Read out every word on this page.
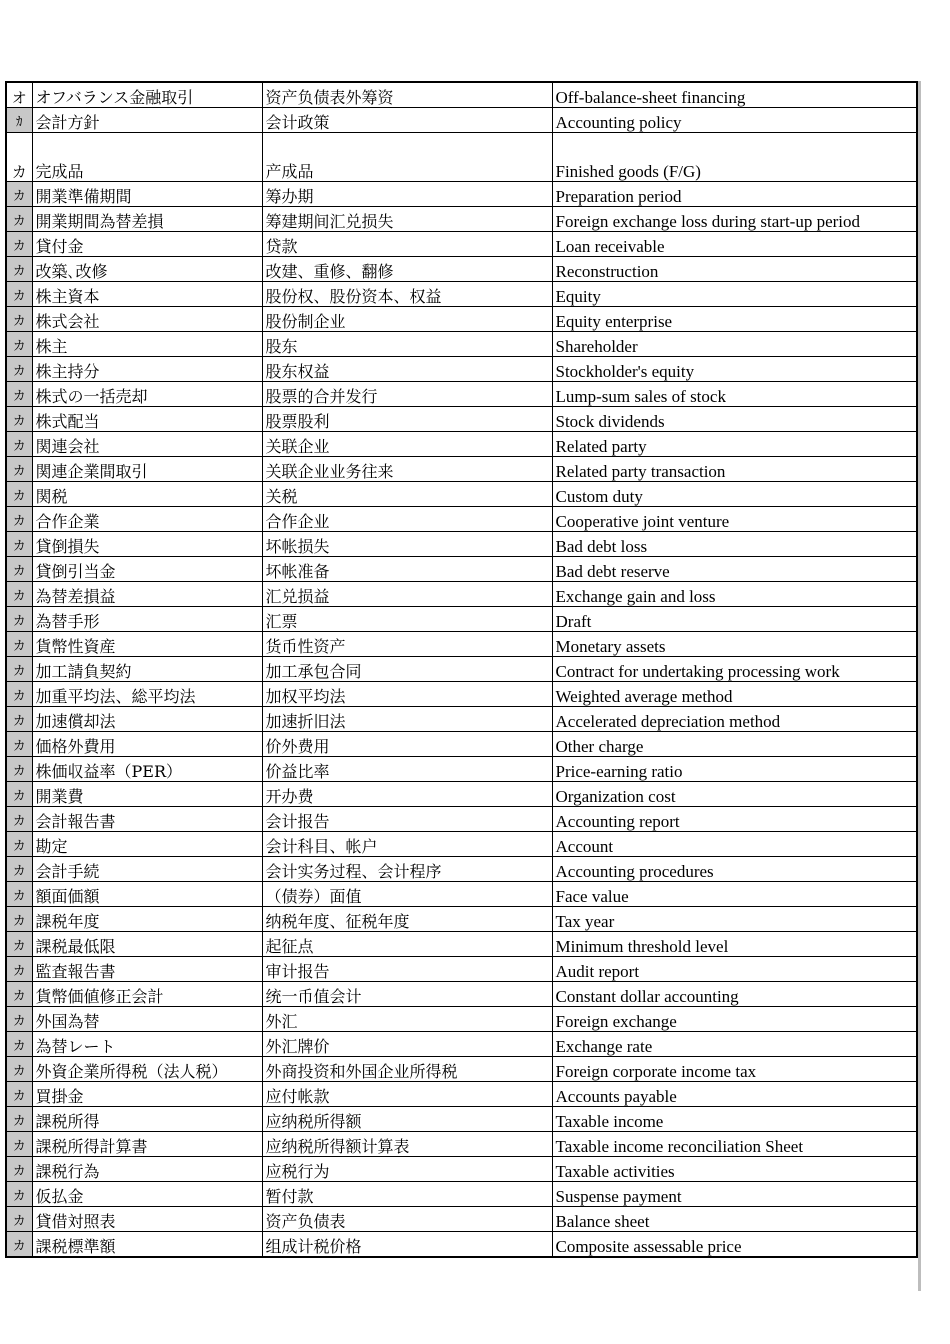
オ	オフバランス金融取引	资产负债表外筹资	Off-balance-sheet financing
ｶ	会計方針	会计政策	Accounting policy
カ	完成品	产成品	Finished goods (F/G)
カ	開業準備期間	筹办期	Preparation period
カ	開業期間為替差損	筹建期间汇兑损失	Foreign exchange loss during start-up period
カ	貸付金	贷款	Loan receivable
カ	改築､改修	改建、重修、翻修	Reconstruction
カ	株主資本	股份权、股份资本、权益	Equity
カ	株式会社	股份制企业	Equity enterprise
カ	株主	股东	Shareholder
カ	株主持分	股东权益	Stockholder's equity
カ	株式の一括売却	股票的合并发行	Lump-sum sales of stock
カ	株式配当	股票股利	Stock dividends
カ	関連会社	关联企业	Related party
カ	関連企業間取引	关联企业业务往来	Related party transaction
カ	関税	关税	Custom duty
カ	合作企業	合作企业	Cooperative joint venture
カ	貸倒損失	坏帐损失	Bad debt loss
カ	貸倒引当金	坏帐准备	Bad debt reserve
カ	為替差損益	汇兑损益	Exchange gain and loss
カ	為替手形	汇票	Draft
カ	貨幣性資産	货币性资产	Monetary assets
カ	加工請負契約	加工承包合同	Contract for undertaking processing work
カ	加重平均法、総平均法	加权平均法	Weighted average method
カ	加速償却法	加速折旧法	Accelerated depreciation method
カ	価格外費用	价外费用	Other charge
カ	株価収益率（PER）	价益比率	Price-earning ratio
カ	開業費	开办费	Organization cost
カ	会計報告書	会计报告	Accounting report
カ	勘定	会计科目、帐户	Account
カ	会計手続	会计实务过程、会计程序	Accounting procedures
カ	額面価額	（债券）面值	Face value
カ	課税年度	纳税年度、征税年度	Tax year
カ	課税最低限	起征点	Minimum threshold level
カ	監査報告書	审计报告	Audit report
カ	貨幣価値修正会計	统一币值会计	Constant dollar accounting
カ	外国為替	外汇	Foreign exchange
カ	為替レート	外汇牌价	Exchange rate
カ	外資企業所得税（法人税）	外商投资和外国企业所得税	Foreign corporate income tax
カ	買掛金	应付帐款	Accounts payable
カ	課税所得	应纳税所得额	Taxable income
カ	課税所得計算書	应纳税所得额计算表	Taxable income reconciliation Sheet
カ	課税行為	应税行为	Taxable activities
カ	仮払金	暂付款	Suspense payment
カ	貸借対照表	资产负债表	Balance sheet
カ	課税標準額	组成计税价格	Composite assessable price
